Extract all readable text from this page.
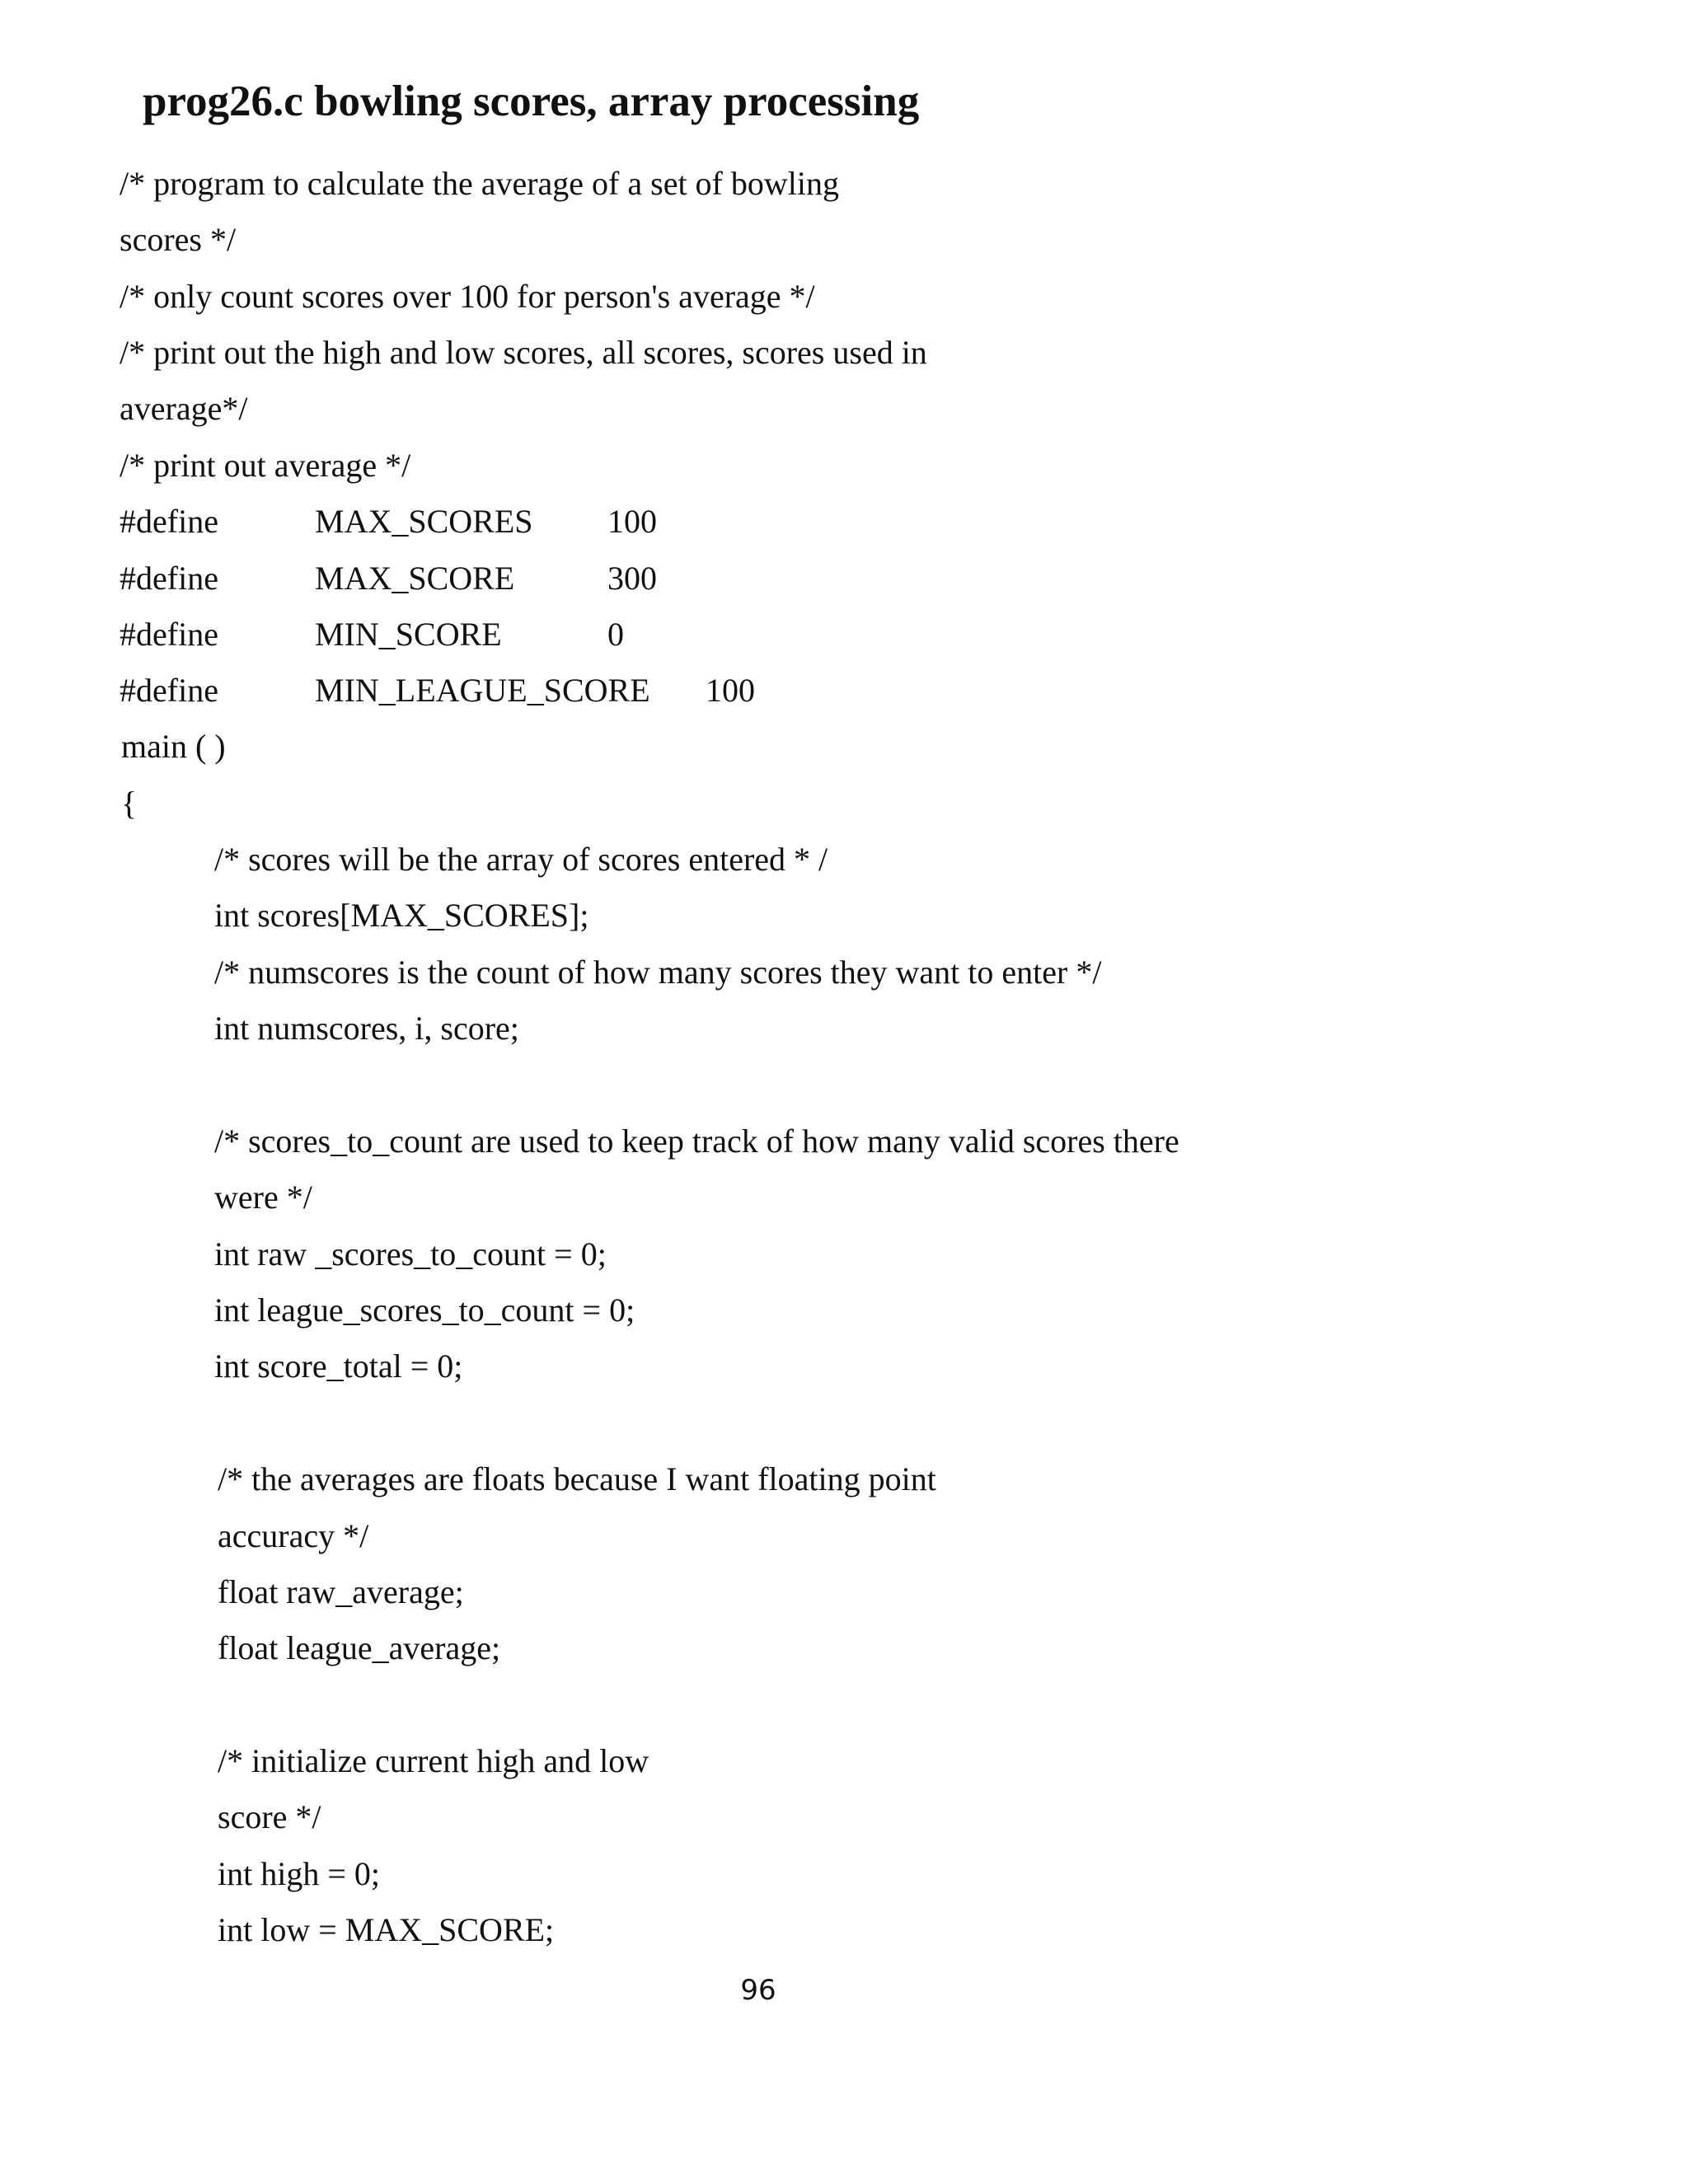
prog26.c bowling scores, array processing
/* program to calculate the average of a set of bowling
scores */
/* only count scores over 100 for person's average */
/* print out the high and low scores, all scores, scores used in
average*/
/* print out average */
#define	MAX_SCORES 100
#define	MAX_SCORE	300
#define	MIN_SCORE	0
#define	MIN_LEAGUE_SCORE 100
main ( )
{
/* scores will be the array of scores entered * /
int scores[MAX_SCORES];
/* numscores is the count of how many scores they want to enter */
int numscores, i, score;
/* scores_to_count are used to keep track of how many valid scores there
were */
int raw _scores_to_count = 0;
int league_scores_to_count = 0;
int score_total = 0;
/* the averages are floats because I want floating point
accuracy */
float raw_average;
float league_average;
/* initialize current high and low
score */
int high = 0;
int low = MAX_SCORE;
96
